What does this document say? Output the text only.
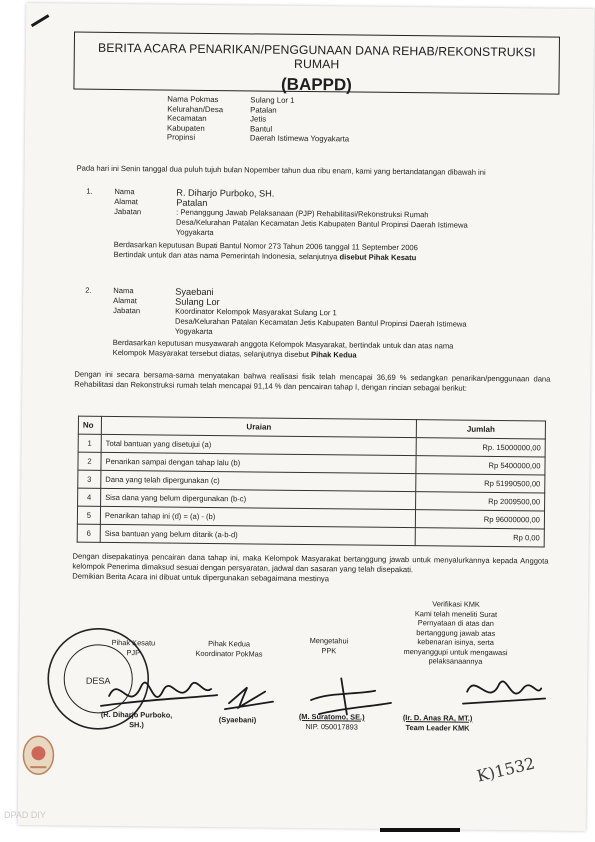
BERITA ACARA PENARIKAN/PENGGUNAAN DANA REHAB/REKONSTRUKSI RUMAH
(BAPPD)
Nama Pokmas	Sulang Lor 1
Kelurahan/Desa	Patalan
Kecamatan	Jetis
Kabupaten	Bantul
Propinsi	Daerah Istimewa Yogyakarta
Pada hari ini Senin tanggal dua puluh tujuh bulan Nopember tahun dua ribu enam, kami yang bertandatangan dibawah ini
1.	Nama	R. Diharjo Purboko, SH.
Alamat	Patalan
Jabatan	: Penanggung Jawab Pelaksanaan (PJP) Rehabilitasi/Rekonstruksi Rumah
Desa/Kelurahan Patalan Kecamatan Jetis Kabupaten Bantul Propinsi Daerah Istimewa
Yogyakarta
Berdasarkan keputusan Bupati Bantul Nomor 273 Tahun 2006 tanggal 11 September 2006
Bertindak untuk dan atas nama Pemerintah Indonesia, selanjutnya disebut Pihak Kesatu
2.	Nama	Syaebani
Alamat	Sulang Lor
Jabatan	Koordinator Kelompok Masyarakat Sulang Lor 1
Desa/Kelurahan Patalan Kecamatan Jetis Kabupaten Bantul Propinsi Daerah Istimewa
Yogyakarta
Berdasarkan keputusan musyawarah anggota Kelompok Masyarakat, bertindak untuk dan atas nama
Kelompok Masyarakat tersebut diatas, selanjutnya disebut Pihak Kedua
Dengan ini secara bersama-sama menyatakan bahwa realisasi fisik telah mencapai 36,69 % sedangkan penarikan/penggunaan dana Rehabilitasi dan Rekonstruksi rumah telah mencapai 91,14 % dan pencairan tahap I, dengan rincian sebagai berikut:
No	Uraian	Jumlah
1	Total bantuan yang disetujui (a)	Rp. 15000000,00
2	Penarikan sampai dengan tahap lalu (b)	Rp 5400000,00
3	Dana yang telah dipergunakan (c)	Rp 51990500,00
4	Sisa dana yang belum dipergunakan (b-c)	Rp 2009500,00
5	Penarikan tahap ini (d) = (a) - (b)	Rp 96000000,00
6	Sisa bantuan yang belum ditarik (a-b-d)	Rp 0,00
Dengan disepakatinya pencairan dana tahap ini, maka Kelompok Masyarakat bertanggung jawab untuk menyalurkannya kepada Anggota kelompok Penerima dimaksud sesuai dengan persyaratan, jadwal dan sasaran yang telah disepakati.
Demikian Berita Acara ini dibuat untuk dipergunakan sebagaimana mestinya
Verifikasi KMK
Kami telah meneliti Surat
Pernyataan di atas dan
bertanggung jawab atas
kebenaran isinya, serta
menyanggupi untuk mengawasi
pelaksanaannya
DESA
Pihak Kesatu
PJP
Pihak Kedua
Koordinator PokMas
Mengetahui
PPK
(R. Diharjo Purboko,
SH.)	(Syaebani)	(M. Suratomo, SE.)
NIP. 050017893
(Ir. D. Anas RA, MT.)
Team Leader KMK
K)1532
DPAD DIY
